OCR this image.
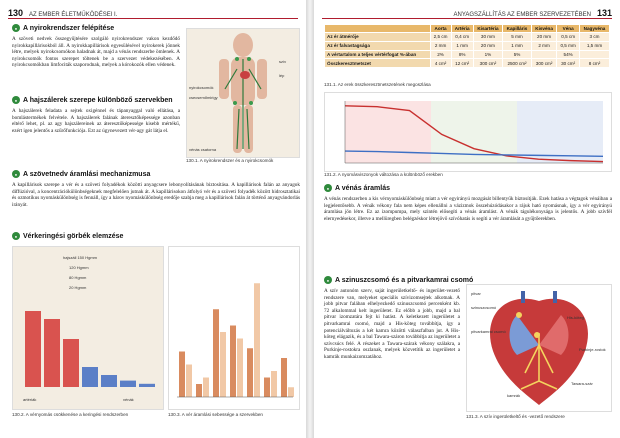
130 AZ EMBER ÉLETMŰKÖDÉSEI I.
● A nyirokrendszer felépítése

A szöveti nedvek összegyűjtésére szolgáló nyirokrendszer vakon kezdődő nyirokkapillárisokból áll. A nyirokkapillárisok egyesülésével nyirokerek jönnek létre, melyek nyirokcsomókon haladnak át, majd a vénás rendszerbe ömlenek. A nyirokcsomók fontos szerepet töltenek be a szervezet védekezésében. A nyirokcsomókban limfociták szaporodnak, melyek a kórokozók ellen védenek.

szív
lép
nyirokcsomók
csecsemőmirigy
vénás csatorna
130.1. A nyirokrendszer és a nyirokcsomók
● A hajszálerek szerepe különböző szervekben

A hajszálerek feladata a sejtek oxigénnel és tápanyaggal való ellátása, a bomlástermékek felvétele. A hajszálerek falának áteresztőképessége azonban eltérő lehet, pl. az agy hajszálereinek az áteresztőképessége kisebb mértékű, ezért igen jelentős a szűrőfunkciója. Ezt az úgynevezett vér-agy gát látja el.

● A szövetnedv áramlási mechanizmusa

A kapillárisok szerepe a vér és a szöveti folyadékok közötti anyagcsere lebonyolításának biztosítása. A kapillárisok falán az anyagok diffúzióval, a koncentrációkülönbségeknek megfelelően jutnak át. A kapillárisokon átfolyó vér és a szöveti folyadék között hidrosztatikai és ozmotikus nyomáskülönbség is fennáll, így a hároν nyomáskülönbség eredője szabja meg a kapillárisok falán át történő anyagvándorlás irányát.

● Vérkeringési görbék elemzése
hajszáll 150 Hgmm
120 Hgmm
80 Hgmm
20 Hgmm
artériák	vénák
130.2. A vérnyomás csökkenése a keringési rendszerben	130.3. A vér áramlási sebessége a szervekben
ANYAGSZÁLLÍTÁS AZ EMBER SZERVEZETÉBEN 131
	Aorta	Artéria	Kisartéria	Kapilláris	Kisvéna	Véna	Nagyvéna
Az ér átmérője	2,5 cm	0,4 cm	30 mm	5 mm	20 mm	0,5 cm	3 cm
Az ér falvastagsága	2 mm	1 mm	20 mm	1 mm	2 mm	0,5 mm	1,5 mm
A vértartalom a teljes vértérfogat %-ában	2%	8%	1%	5%		54%	
Összkeresztmetszet	4 cm²	12 cm²	300 cm²	2500 cm²	300 cm²	30 cm²	8 cm²
131.1. Az erek összkeresztmetszetének megoszlása
131.2. A nyomásviszonyok változása a különböző erekben
● A vénás áramlás

A vénás rendszerben a kis vérnyomáskülönbség miatt a vér egyirányú mozgását billentyűk biztosítják. Ezek hatása a végtagok vénáiban a legjelentősebb. A vénák vékony fala nem képes ellenállni a vázizmok összehúzódásakor a rájuk ható nyomásnak, így a vér egyirányú áramlása jön létre. Ez az izompumpa, mely szintén elősegíti a vénás áramlást. A vénák tágulékonysága is jelentős. A jobb szívfél elernyedésekor, illetve a mellüregben belégzéskor létrejövő szívóhatás is segíti a vér áramlását a gyűjtőerekben.

● A szinuszcsomó és a pitvarkamrai csomó

A szív autonóm szerv, saját ingerületkeltő- és ingerület-vezető rendszere van, melyeket speciális szívizomsejtek alkotnak. A jobb pitvar falában elhelyezkedő szinuszcsomó percenként kb. 72 alkalommal kelt ingerületet. Ez előbb a jobb, majd a bal pitvar izomzatára fejt ki hatást. A keletkezett ingerületet a pitvarkamrai csomó, majd a His-köteg továbbítja, így a potenciálváltozás a két kamra közötti válaszfalban jut. A His-köteg elágazik, és a bal Tawara-száron továbbítja az ingerületet a szívcsúcs felé. A részeket a Tawara-szárak vékony szálakra, a Purkinje-rostokra oszlanak, melyek közvetítik az ingerületet a kamrák munkaizomzatához.

pitvar
szinuszcsomó
pitvarkamrai csomó
His-köteg
Purkinje-rostok
kamrák
Tawara-szár
131.3. A szív ingerületkeltő és -vezető rendszere
